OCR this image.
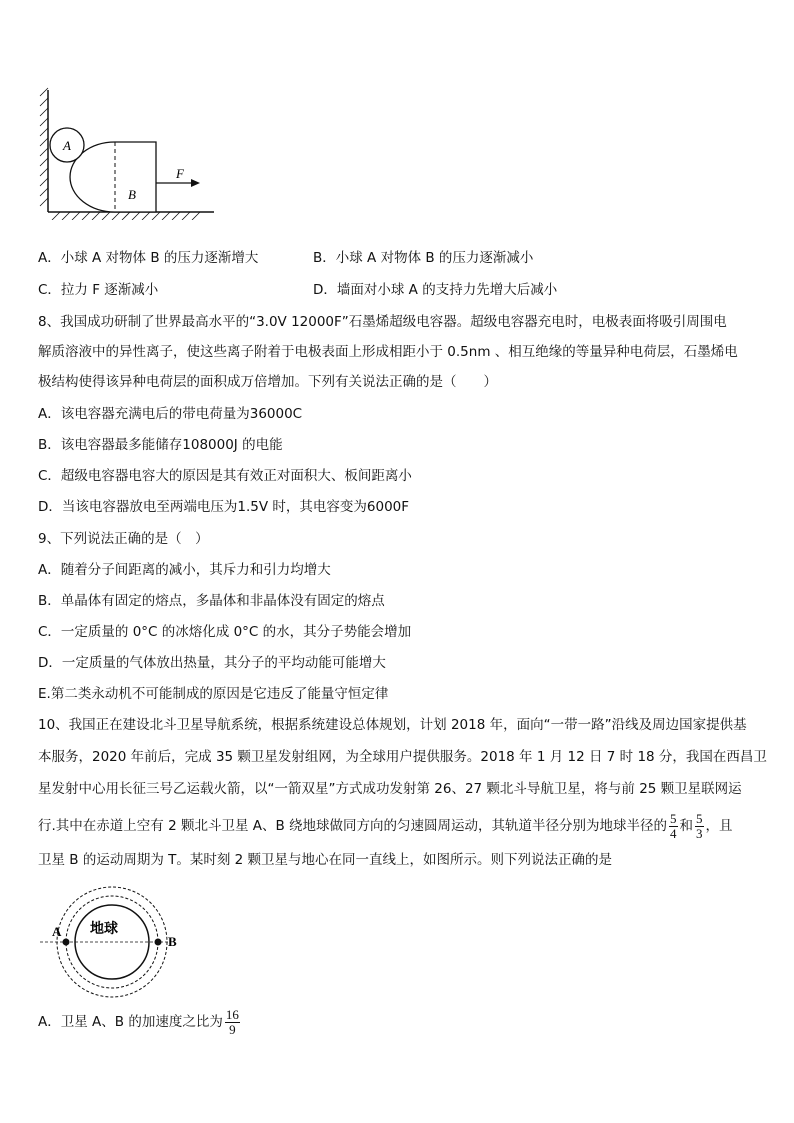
A
B
F
A．小球 A 对物体 B 的压力逐渐增大	B．小球 A 对物体 B 的压力逐渐减小
C．拉力 F 逐渐减小	D．墙面对小球 A 的支持力先增大后减小
8、我国成功研制了世界最高水平的“3.0V 12000F”石墨烯超级电容器。超级电容器充电时，电极表面将吸引周围电
解质溶液中的异性离子，使这些离子附着于电极表面上形成相距小于 0.5nm 、相互绝缘的等量异种电荷层，石墨烯电
极结构使得该异种电荷层的面积成万倍增加。下列有关说法正确的是（　　）
A．该电容器充满电后的带电荷量为36000C
B．该电容器最多能储存108000J 的电能
C．超级电容器电容大的原因是其有效正对面积大、板间距离小
D．当该电容器放电至两端电压为1.5V 时，其电容变为6000F
9、下列说法正确的是（　）
A．随着分子间距离的减小，其斥力和引力均增大
B．单晶体有固定的熔点，多晶体和非晶体没有固定的熔点
C．一定质量的 0°C 的冰熔化成 0°C 的水，其分子势能会增加
D．一定质量的气体放出热量，其分子的平均动能可能增大
E.第二类永动机不可能制成的原因是它违反了能量守恒定律
10、我国正在建设北斗卫星导航系统，根据系统建设总体规划，计划 2018 年，面向“一带一路”沿线及周边国家提供基
本服务，2020 年前后，完成 35 颗卫星发射组网，为全球用户提供服务。2018 年 1 月 12 日 7 时 18 分，我国在西昌卫
星发射中心用长征三号乙运载火箭，以“一箭双星”方式成功发射第 26、27 颗北斗导航卫星，将与前 25 颗卫星联网运
行.其中在赤道上空有 2 颗北斗卫星 A、B 绕地球做同方向的匀速圆周运动，其轨道半径分别为地球半径的 $\frac{5}{4}$ 和 $\frac{5}{3}$ ，且
卫星 B 的运动周期为 T。某时刻 2 颗卫星与地心在同一直线上，如图所示。则下列说法正确的是
地球
A
B
A．卫星 A、B 的加速度之比为 $\frac{16}{9}$
